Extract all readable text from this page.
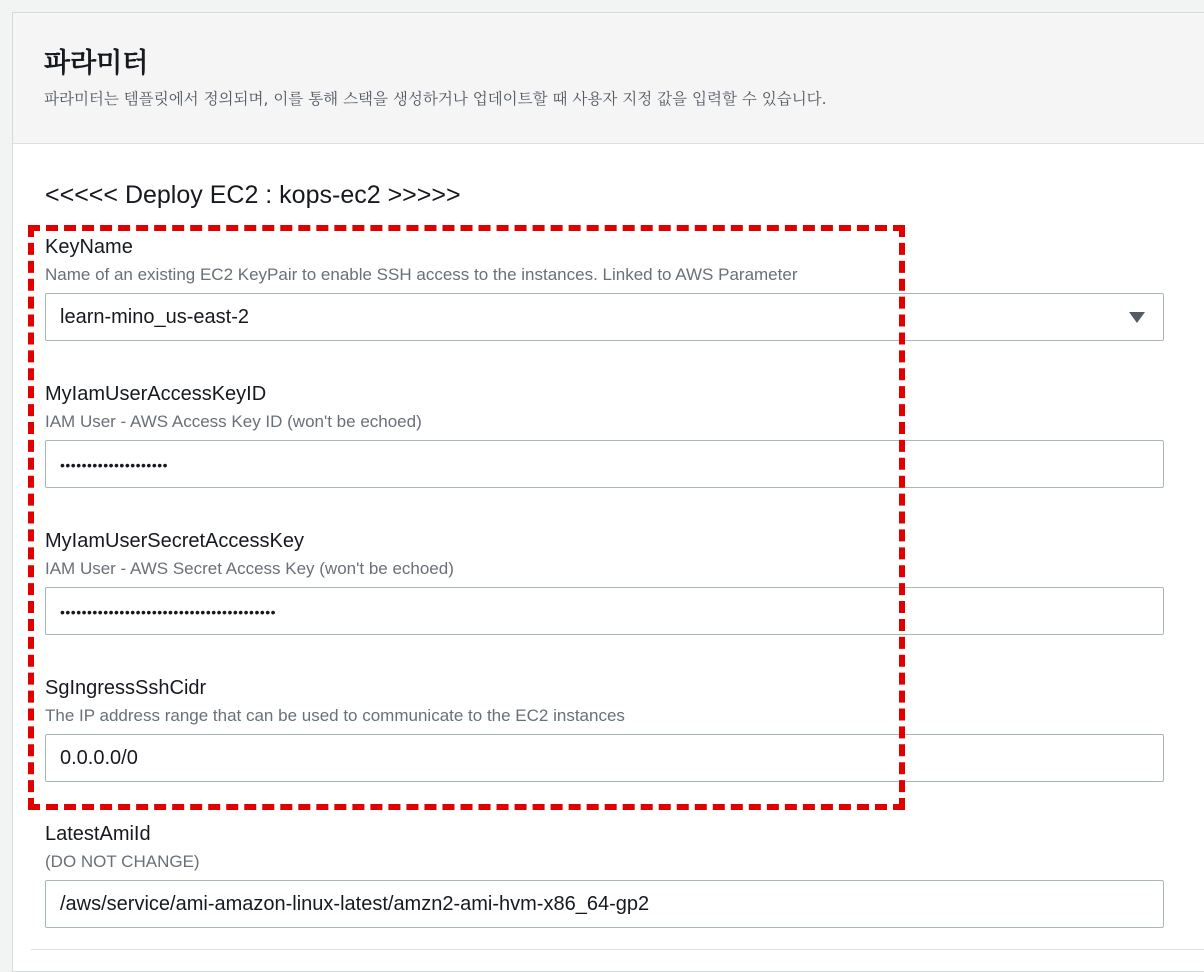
파라미터

파라미터는 템플릿에서 정의되며, 이를 통해 스택을 생성하거나 업데이트할 때 사용자 지정 값을 입력할 수 있습니다.

<<<<< Deploy EC2 : kops-ec2 >>>>>
KeyName
Name of an existing EC2 KeyPair to enable SSH access to the instances. Linked to AWS Parameter
learn-mino_us-east-2
MyIamUserAccessKeyID
IAM User - AWS Access Key ID (won't be echoed)
••••••••••••••••••••
MyIamUserSecretAccessKey
IAM User - AWS Secret Access Key (won't be echoed)
••••••••••••••••••••••••••••••••••••••••
SgIngressSshCidr
The IP address range that can be used to communicate to the EC2 instances
0.0.0.0/0
LatestAmiId
(DO NOT CHANGE)
/aws/service/ami-amazon-linux-latest/amzn2-ami-hvm-x86_64-gp2
